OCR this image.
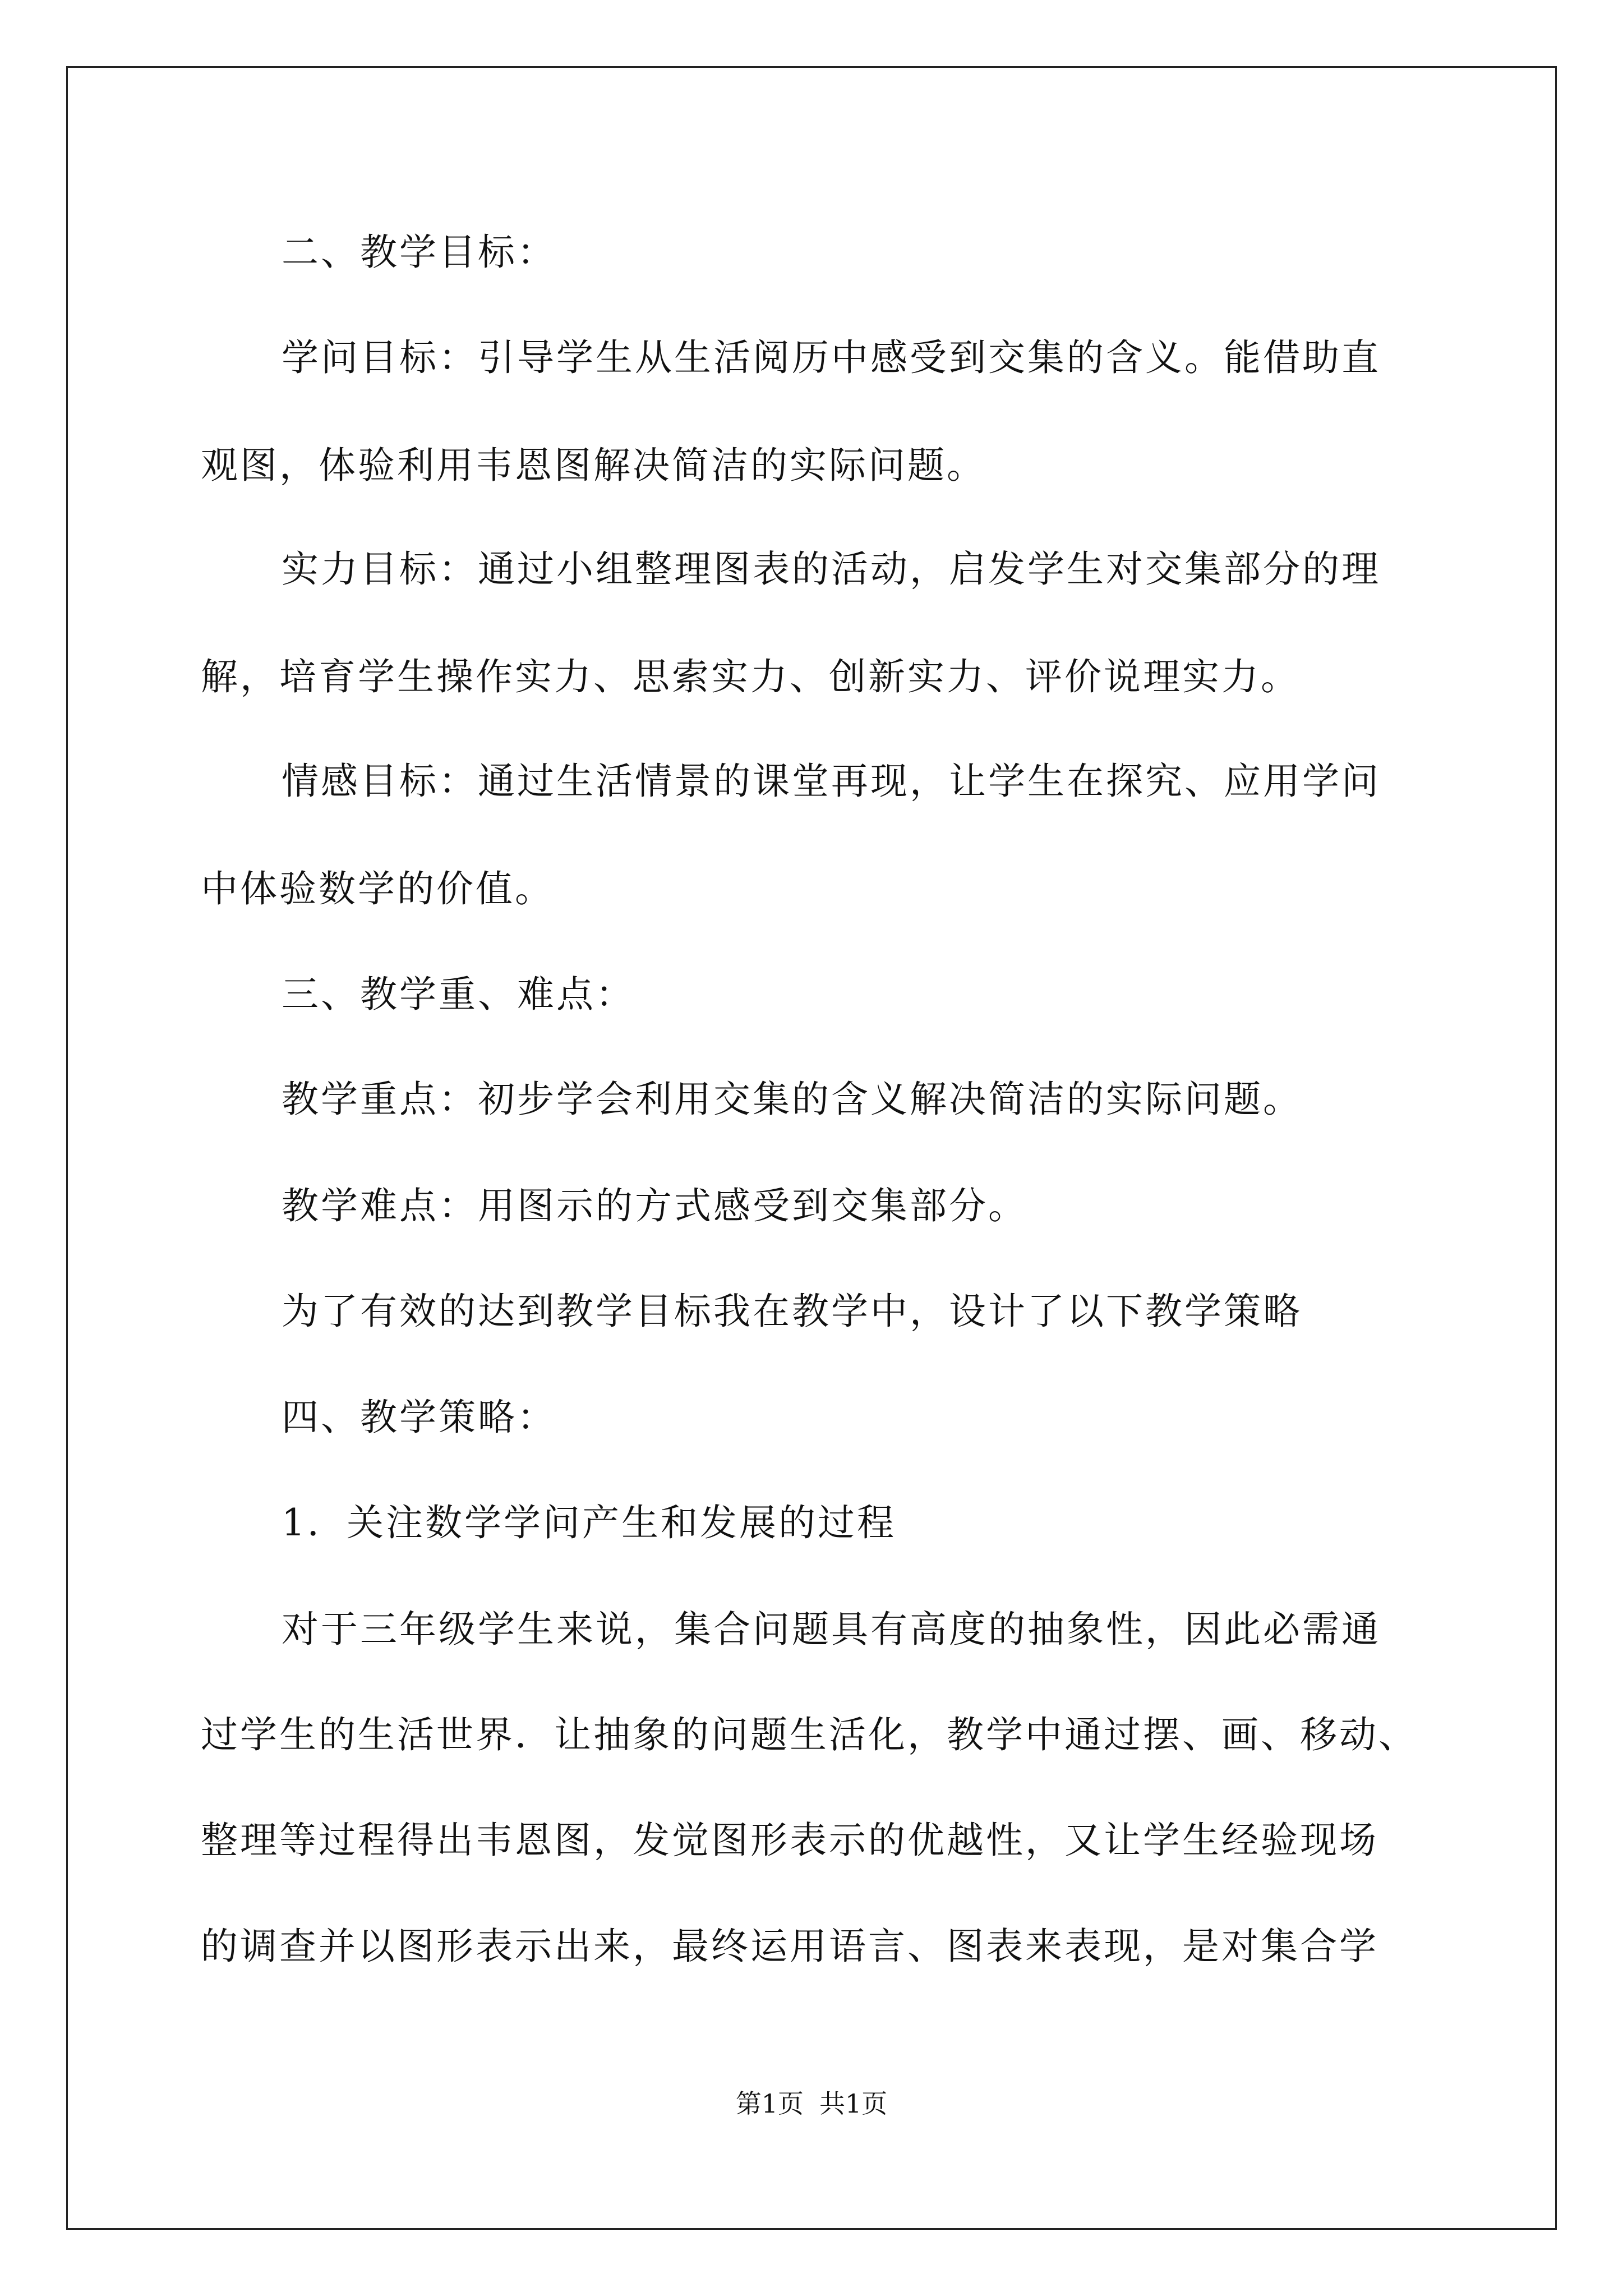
二、教学目标：
学问目标：引导学生从生活阅历中感受到交集的含义。能借助直
观图，体验利用韦恩图解决简洁的实际问题。
实力目标：通过小组整理图表的活动，启发学生对交集部分的理
解，培育学生操作实力、思索实力、创新实力、评价说理实力。
情感目标：通过生活情景的课堂再现，让学生在探究、应用学问
中体验数学的价值。
三、教学重、难点：
教学重点：初步学会利用交集的含义解决简洁的实际问题。
教学难点：用图示的方式感受到交集部分。
为了有效的达到教学目标我在教学中，设计了以下教学策略
四、教学策略：
1．关注数学学问产生和发展的过程
对于三年级学生来说，集合问题具有高度的抽象性，因此必需通
过学生的生活世界．让抽象的问题生活化，教学中通过摆、画、移动、
整理等过程得出韦恩图，发觉图形表示的优越性，又让学生经验现场
的调查并以图形表示出来，最终运用语言、图表来表现，是对集合学
第1页 共1页
